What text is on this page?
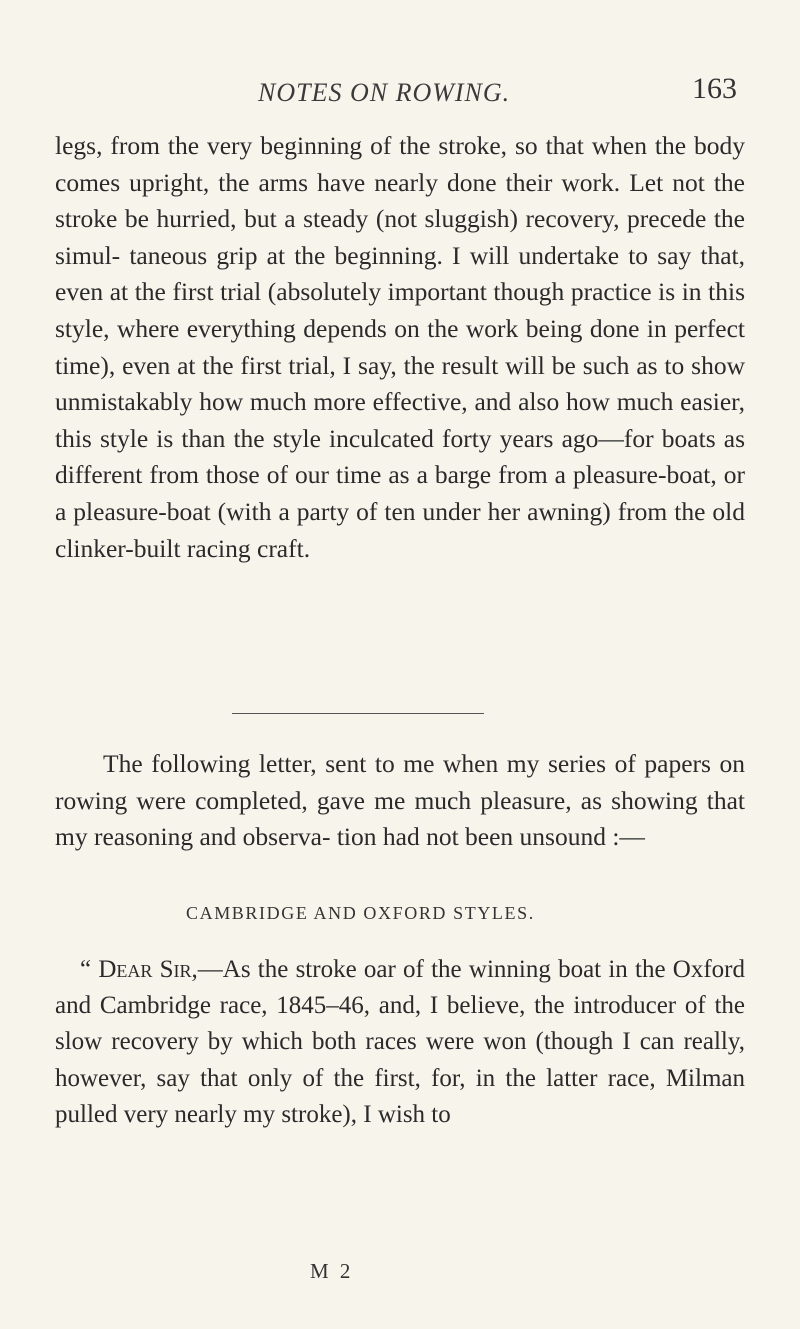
NOTES ON ROWING.	163

legs, from the very beginning of the stroke, so that when the body comes upright, the arms have nearly done their work. Let not the stroke be hurried, but a steady (not sluggish) recovery, precede the simul- taneous grip at the beginning. I will undertake to say that, even at the first trial (absolutely important though practice is in this style, where everything depends on the work being done in perfect time), even at the first trial, I say, the result will be such as to show unmistakably how much more effective, and also how much easier, this style is than the style inculcated forty years ago—for boats as different from those of our time as a barge from a pleasure-boat, or a pleasure-boat (with a party of ten under her awning) from the old clinker-built racing craft.

The following letter, sent to me when my series of papers on rowing were completed, gave me much pleasure, as showing that my reasoning and observa- tion had not been unsound :—

CAMBRIDGE AND OXFORD STYLES.

“ Dear Sir,—As the stroke oar of the winning boat in the Oxford and Cambridge race, 1845–46, and, I believe, the introducer of the slow recovery by which both races were won (though I can really, however, say that only of the first, for, in the latter race, Milman pulled very nearly my stroke), I wish to

M 2
